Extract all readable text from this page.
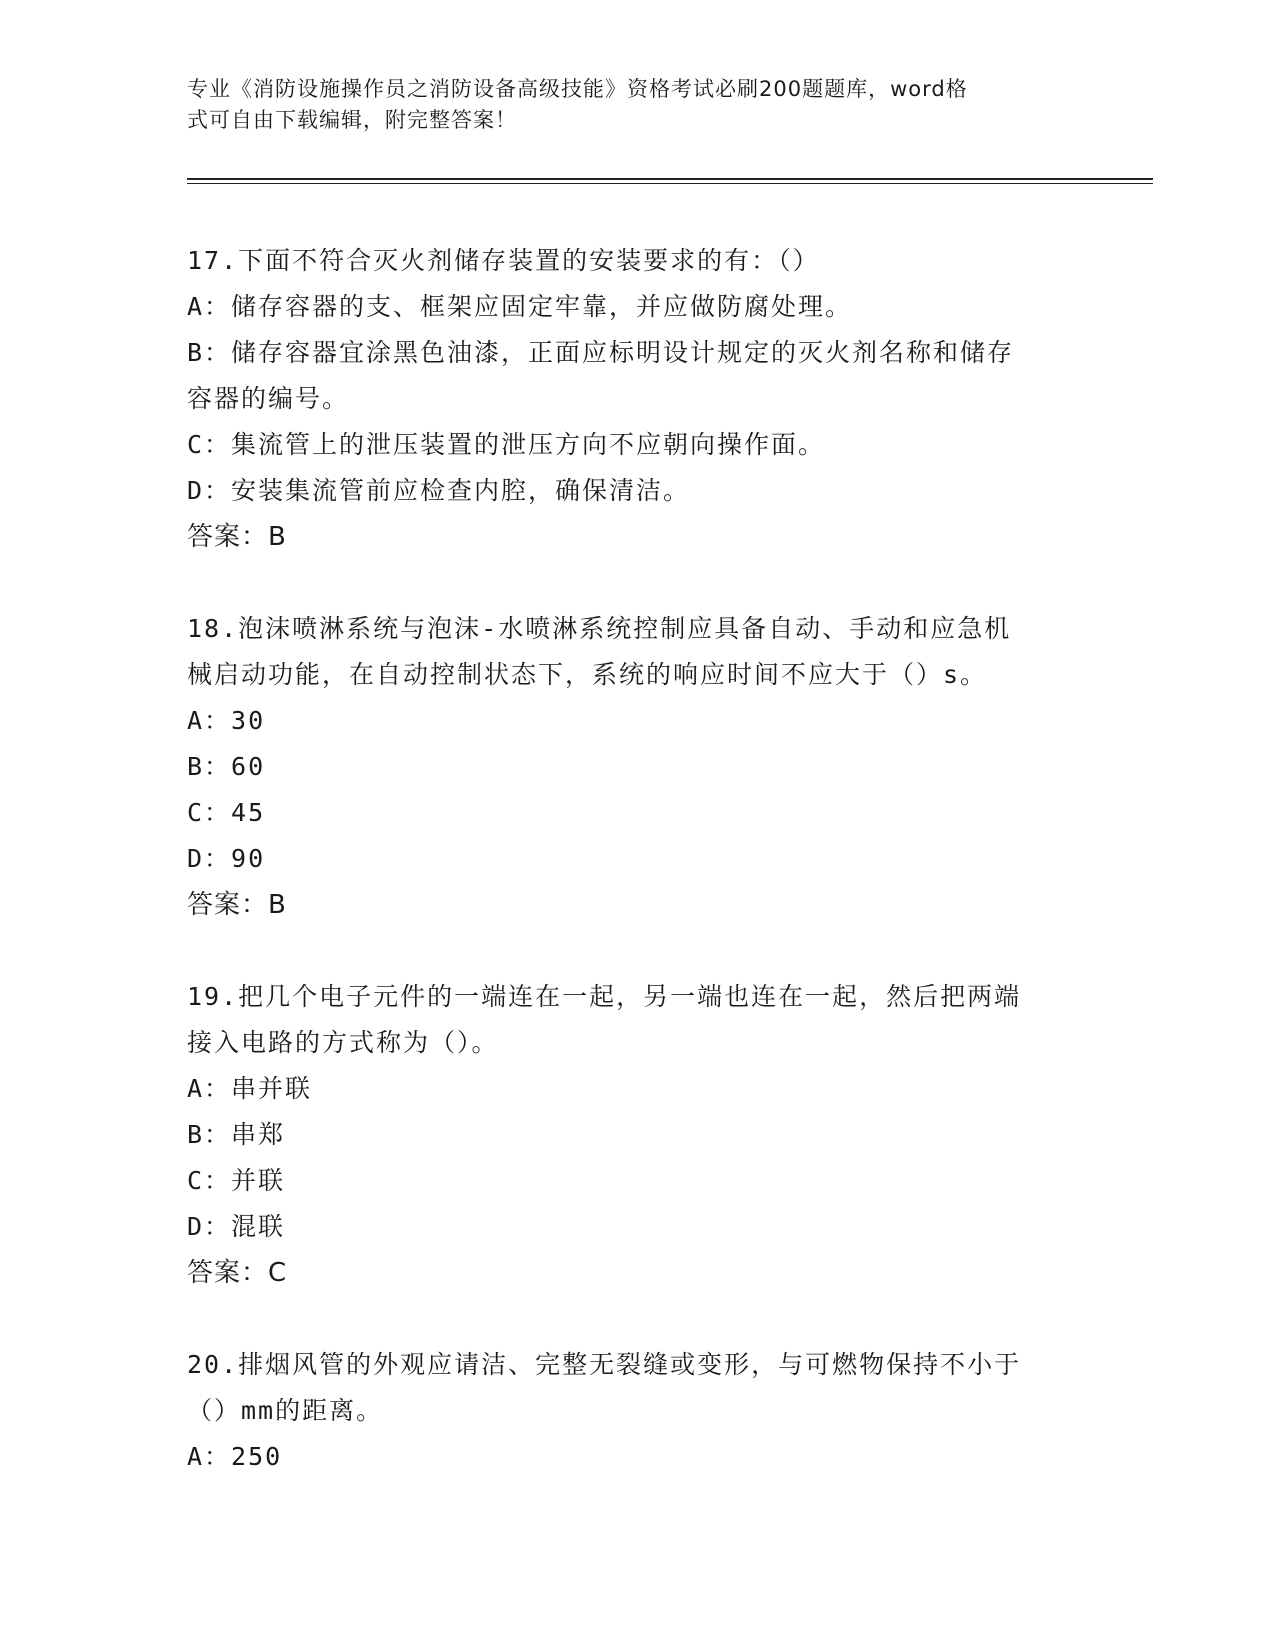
专业《消防设施操作员之消防设备高级技能》资格考试必刷200题题库，word格
式可自由下载编辑，附完整答案！
17.下面不符合灭火剂储存装置的安装要求的有：（）
A：储存容器的支、框架应固定牢靠，并应做防腐处理。
B：储存容器宜涂黑色油漆，正面应标明设计规定的灭火剂名称和储存
容器的编号。
C：集流管上的泄压装置的泄压方向不应朝向操作面。
D：安装集流管前应检查内腔，确保清洁。
答案：B
18.泡沫喷淋系统与泡沫-水喷淋系统控制应具备自动、手动和应急机
械启动功能，在自动控制状态下，系统的响应时间不应大于（）s。
A：30
B：60
C：45
D：90
答案：B
19.把几个电子元件的一端连在一起，另一端也连在一起，然后把两端
接入电路的方式称为（）。
A：串并联
B：串郑
C：并联
D：混联
答案：C
20.排烟风管的外观应请洁、完整无裂缝或变形，与可燃物保持不小于
（）mm的距离。
A：250
